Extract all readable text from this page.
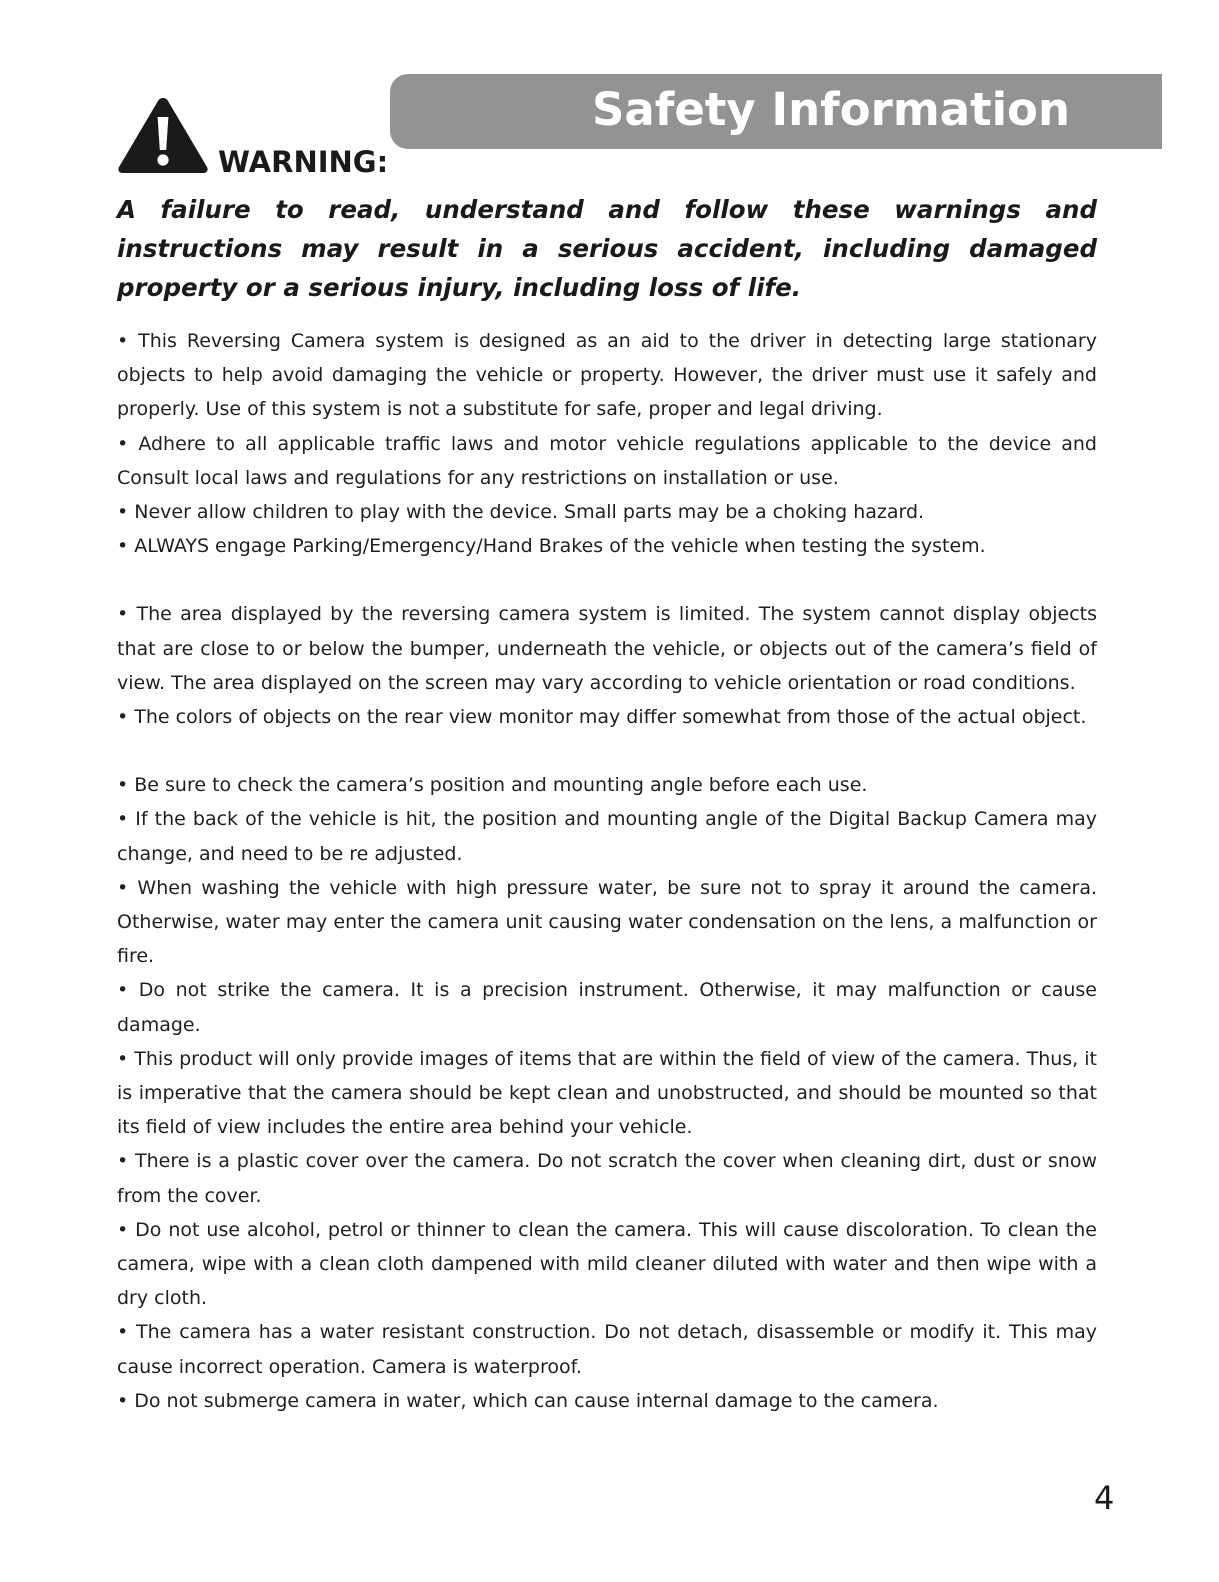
Safety Information
WARNING:

A failure to read, understand and follow these warnings and instructions may result in a serious accident, including damaged property or a serious injury, including loss of life.

• This Reversing Camera system is designed as an aid to the driver in detecting large stationary objects to help avoid damaging the vehicle or property. However, the driver must use it safely and properly. Use of this system is not a substitute for safe, proper and legal driving.

• Adhere to all applicable traffic laws and motor vehicle regulations applicable to the device and Consult local laws and regulations for any restrictions on installation or use.

• Never allow children to play with the device. Small parts may be a choking hazard.

• ALWAYS engage Parking/Emergency/Hand Brakes of the vehicle when testing the system.

• The area displayed by the reversing camera system is limited. The system cannot display objects that are close to or below the bumper, underneath the vehicle, or objects out of the camera’s field of view. The area displayed on the screen may vary according to vehicle orientation or road conditions.

• The colors of objects on the rear view monitor may differ somewhat from those of the actual object.

• Be sure to check the camera’s position and mounting angle before each use.

• If the back of the vehicle is hit, the position and mounting angle of the Digital Backup Camera may change, and need to be re adjusted.

• When washing the vehicle with high pressure water, be sure not to spray it around the camera. Otherwise, water may enter the camera unit causing water condensation on the lens, a malfunction or fire.

• Do not strike the camera. It is a precision instrument. Otherwise, it may malfunction or cause damage.

• This product will only provide images of items that are within the field of view of the camera. Thus, it is imperative that the camera should be kept clean and unobstructed, and should be mounted so that its field of view includes the entire area behind your vehicle.

• There is a plastic cover over the camera. Do not scratch the cover when cleaning dirt, dust or snow from the cover.

• Do not use alcohol, petrol or thinner to clean the camera. This will cause discoloration. To clean the camera, wipe with a clean cloth dampened with mild cleaner diluted with water and then wipe with a dry cloth.

• The camera has a water resistant construction. Do not detach, disassemble or modify it. This may cause incorrect operation. Camera is waterproof.

• Do not submerge camera in water, which can cause internal damage to the camera.

4
